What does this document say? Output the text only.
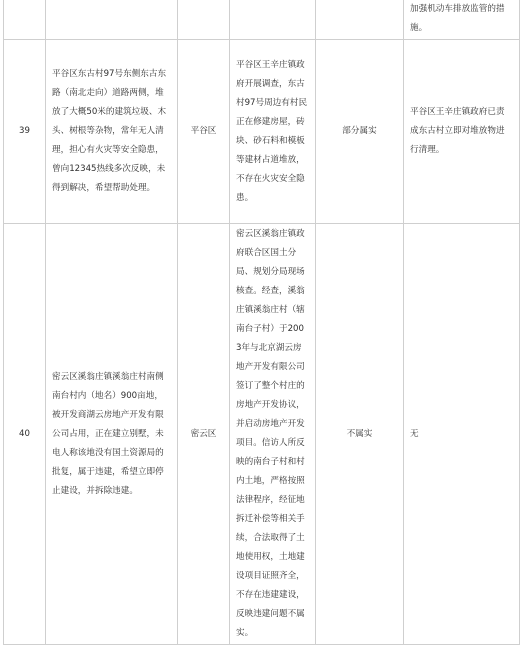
					加强机动车排放监管的措施。

39	平谷区东古村97号东侧东古东路（南北走向）道路两侧，堆放了大概50米的建筑垃圾、木头、树根等杂物，常年无人清理，担心有火灾等安全隐患，曾向12345热线多次反映，未得到解决，希望帮助处理。	平谷区	平谷区王辛庄镇政府开展调查，东古村97号周边有村民正在修建房屋，砖块、砂石料和模板等建材占道堆放，不存在火灾安全隐患。	部分属实	平谷区王辛庄镇政府已责成东古村立即对堆放物进行清理。
40	密云区溪翁庄镇溪翁庄村南侧南台村内（地名）900亩地，被开发商湖云房地产开发有限公司占用，正在建立别墅，未电人称该地没有国土资源局的批复，属于违建，希望立即停止建设，并拆除违建。	密云区	密云区溪翁庄镇政府联合区国土分局、规划分局现场核查。经查，溪翁庄镇溪翁庄村（辖南台子村）于2003年与北京湖云房地产开发有限公司签订了整个村庄的房地产开发协议，并启动房地产开发项目。信访人所反映的南台子村和村内土地，严格按照法律程序，经征地拆迁补偿等相关手续，合法取得了土地使用权，土地建设项目证照齐全，不存在违建建设，反映违建问题不属实。	不属实	无
